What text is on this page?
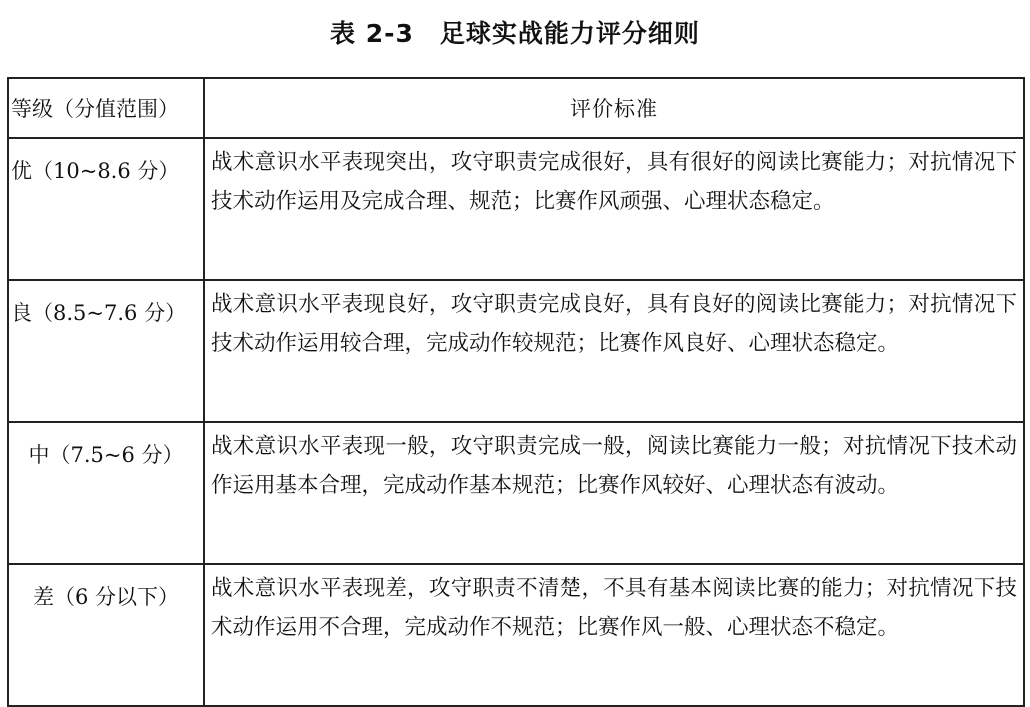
表 2-3 足球实战能力评分细则
等级（分值范围）	评价标准
优（10~8.6 分）	战术意识水平表现突出，攻守职责完成很好，具有很好的阅读比赛能力；对抗情况下技术动作运用及完成合理、规范；比赛作风顽强、心理状态稳定。
良（8.5~7.6 分）	战术意识水平表现良好，攻守职责完成良好，具有良好的阅读比赛能力；对抗情况下技术动作运用较合理，完成动作较规范；比赛作风良好、心理状态稳定。
中（7.5~6 分）	战术意识水平表现一般，攻守职责完成一般，阅读比赛能力一般；对抗情况下技术动作运用基本合理，完成动作基本规范；比赛作风较好、心理状态有波动。
差（6 分以下）	战术意识水平表现差，攻守职责不清楚，不具有基本阅读比赛的能力；对抗情况下技术动作运用不合理，完成动作不规范；比赛作风一般、心理状态不稳定。
